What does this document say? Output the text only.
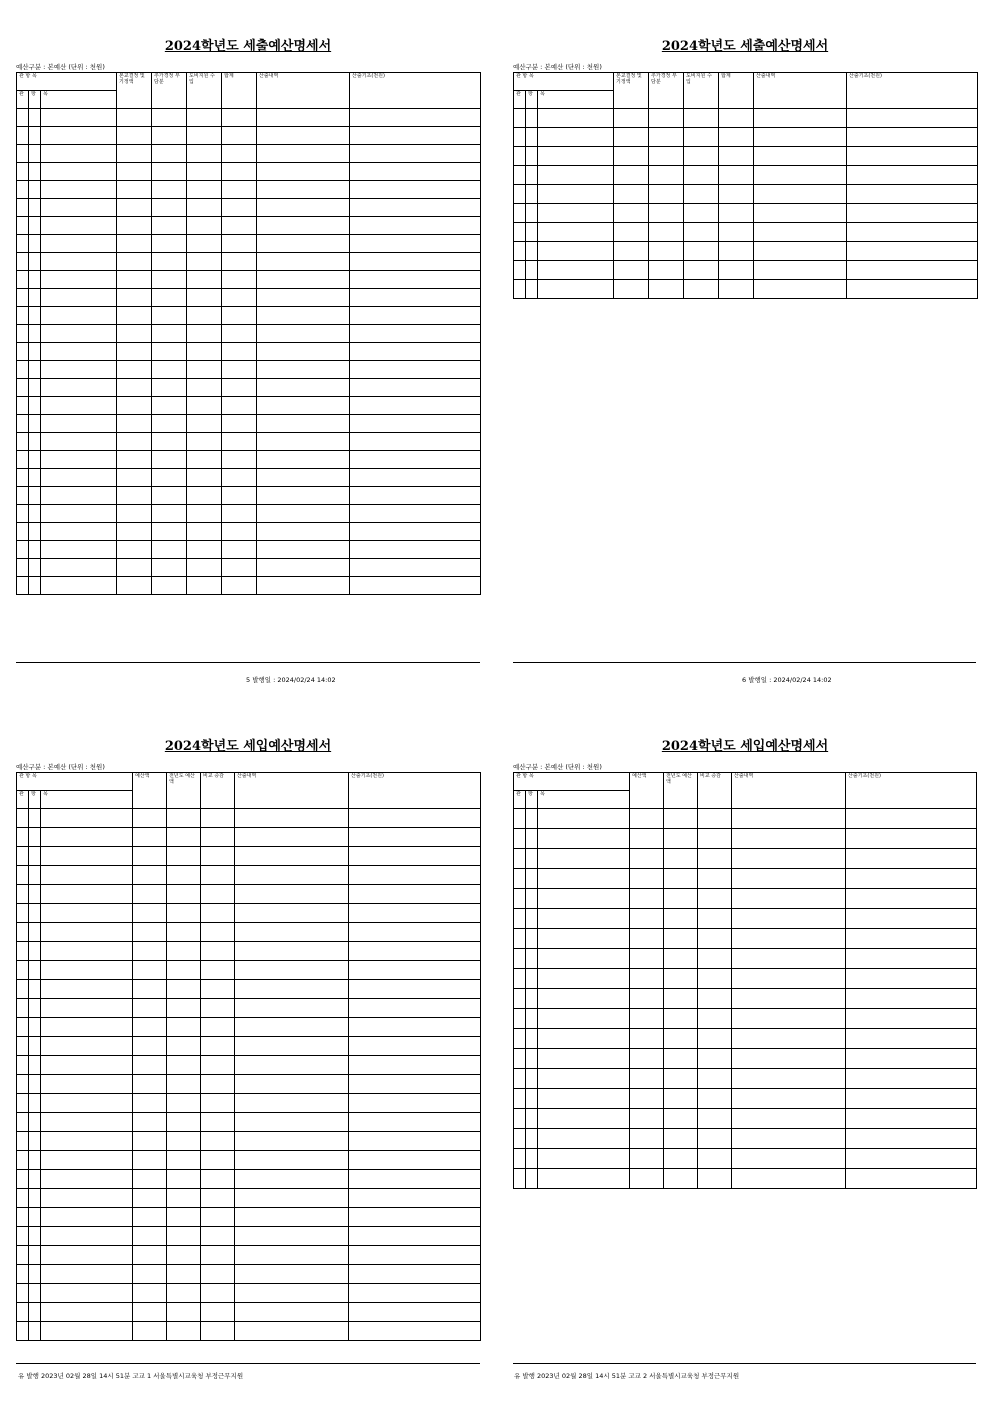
2024학년도 세출예산명세서
예산구분 : 본예산 (단위 : 천원)
관 항 목			본교결정 및 기정액	추가경정 부담분	도비지원 수입	합계	산출내역	산출기초(천원)
관	항	목						

5 발행일 : 2024/02/24 14:02
2024학년도 세출예산명세서
예산구분 : 본예산 (단위 : 천원)
관 항 목			본교결정 및 기정액	추가경정 부담분	도비지원 수입	합계	산출내역	산출기초(천원)
관	항	목						

6 발행일 : 2024/02/24 14:02
2024학년도 세입예산명세서
예산구분 : 본예산 (단위 : 천원)
관 항 목			예산액	전년도 예산액	비교 증감	산출내역	산출기초(천원)
관	항	목					

유 발행 2023년 02월 28일 14시 51분 고교 1 서울특별시교육청 부정근무지원
2024학년도 세입예산명세서
예산구분 : 본예산 (단위 : 천원)
관 항 목			예산액	전년도 예산액	비교 증감	산출내역	산출기초(천원)
관	항	목					

유 발행 2023년 02월 28일 14시 51분 고교 2 서울특별시교육청 부정근무지원
